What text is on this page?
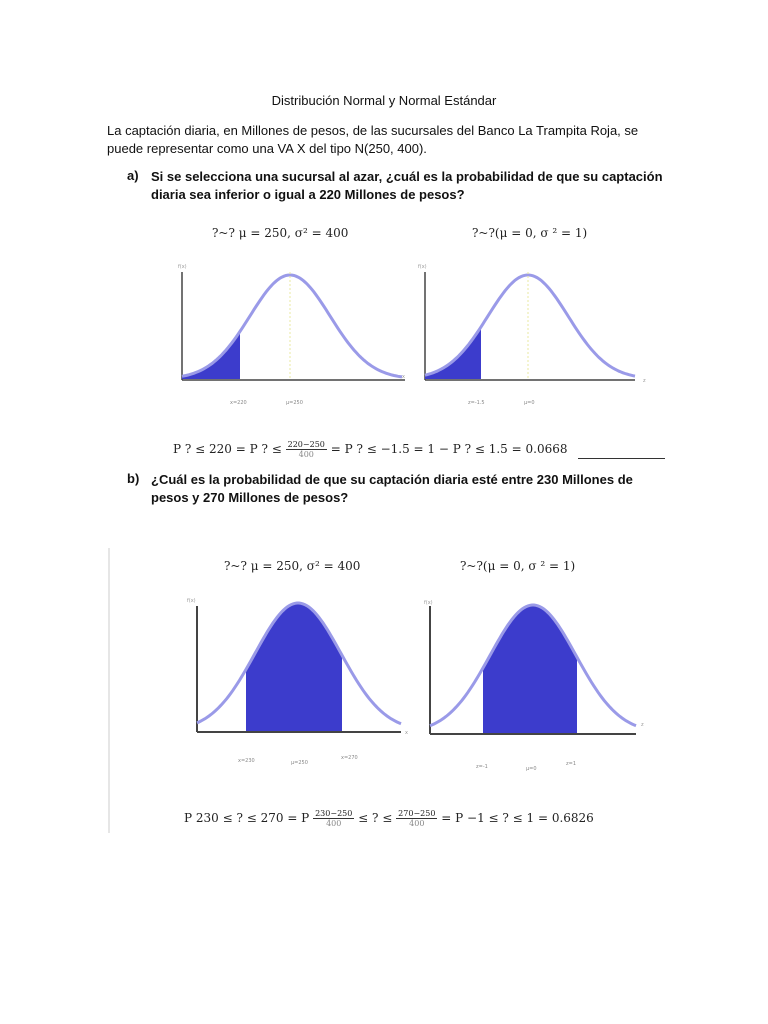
Distribución Normal y Normal Estándar
La captación diaria, en Millones de pesos, de las sucursales del Banco La Trampita Roja, se puede representar como una VA X del tipo N(250, 400).
a) Si se selecciona una sucursal al azar, ¿cuál es la probabilidad de que su captación diaria sea inferior o igual a 220 Millones de pesos?
?~? μ = 250, σ² = 400	?~?(μ = 0, σ ² = 1)
f(x)
x
x=220	μ=250
f(x)
z
z=-1.5	μ=0
P ? ≤ 220 = P ? ≤ $\frac{220-250}{400} = P$ ? ≤ −1.5 = 1 − P ? ≤ 1.5 = 0.0668
b) ¿Cuál es la probabilidad de que su captación diaria esté entre 230 Millones de pesos y 270 Millones de pesos?
?~? μ = 250, σ² = 400	?~?(μ = 0, σ ² = 1)
f(x)
x
x=230	μ=250
x=270
f(x)
z
z=-1	μ=0
z=1
P 230 ≤ ? ≤ 270 = P $\frac{230-250}{400}$ ≤ ? ≤ $\frac{270-250}{400} = P -1$ ≤ ? ≤ 1 = 0.6826
